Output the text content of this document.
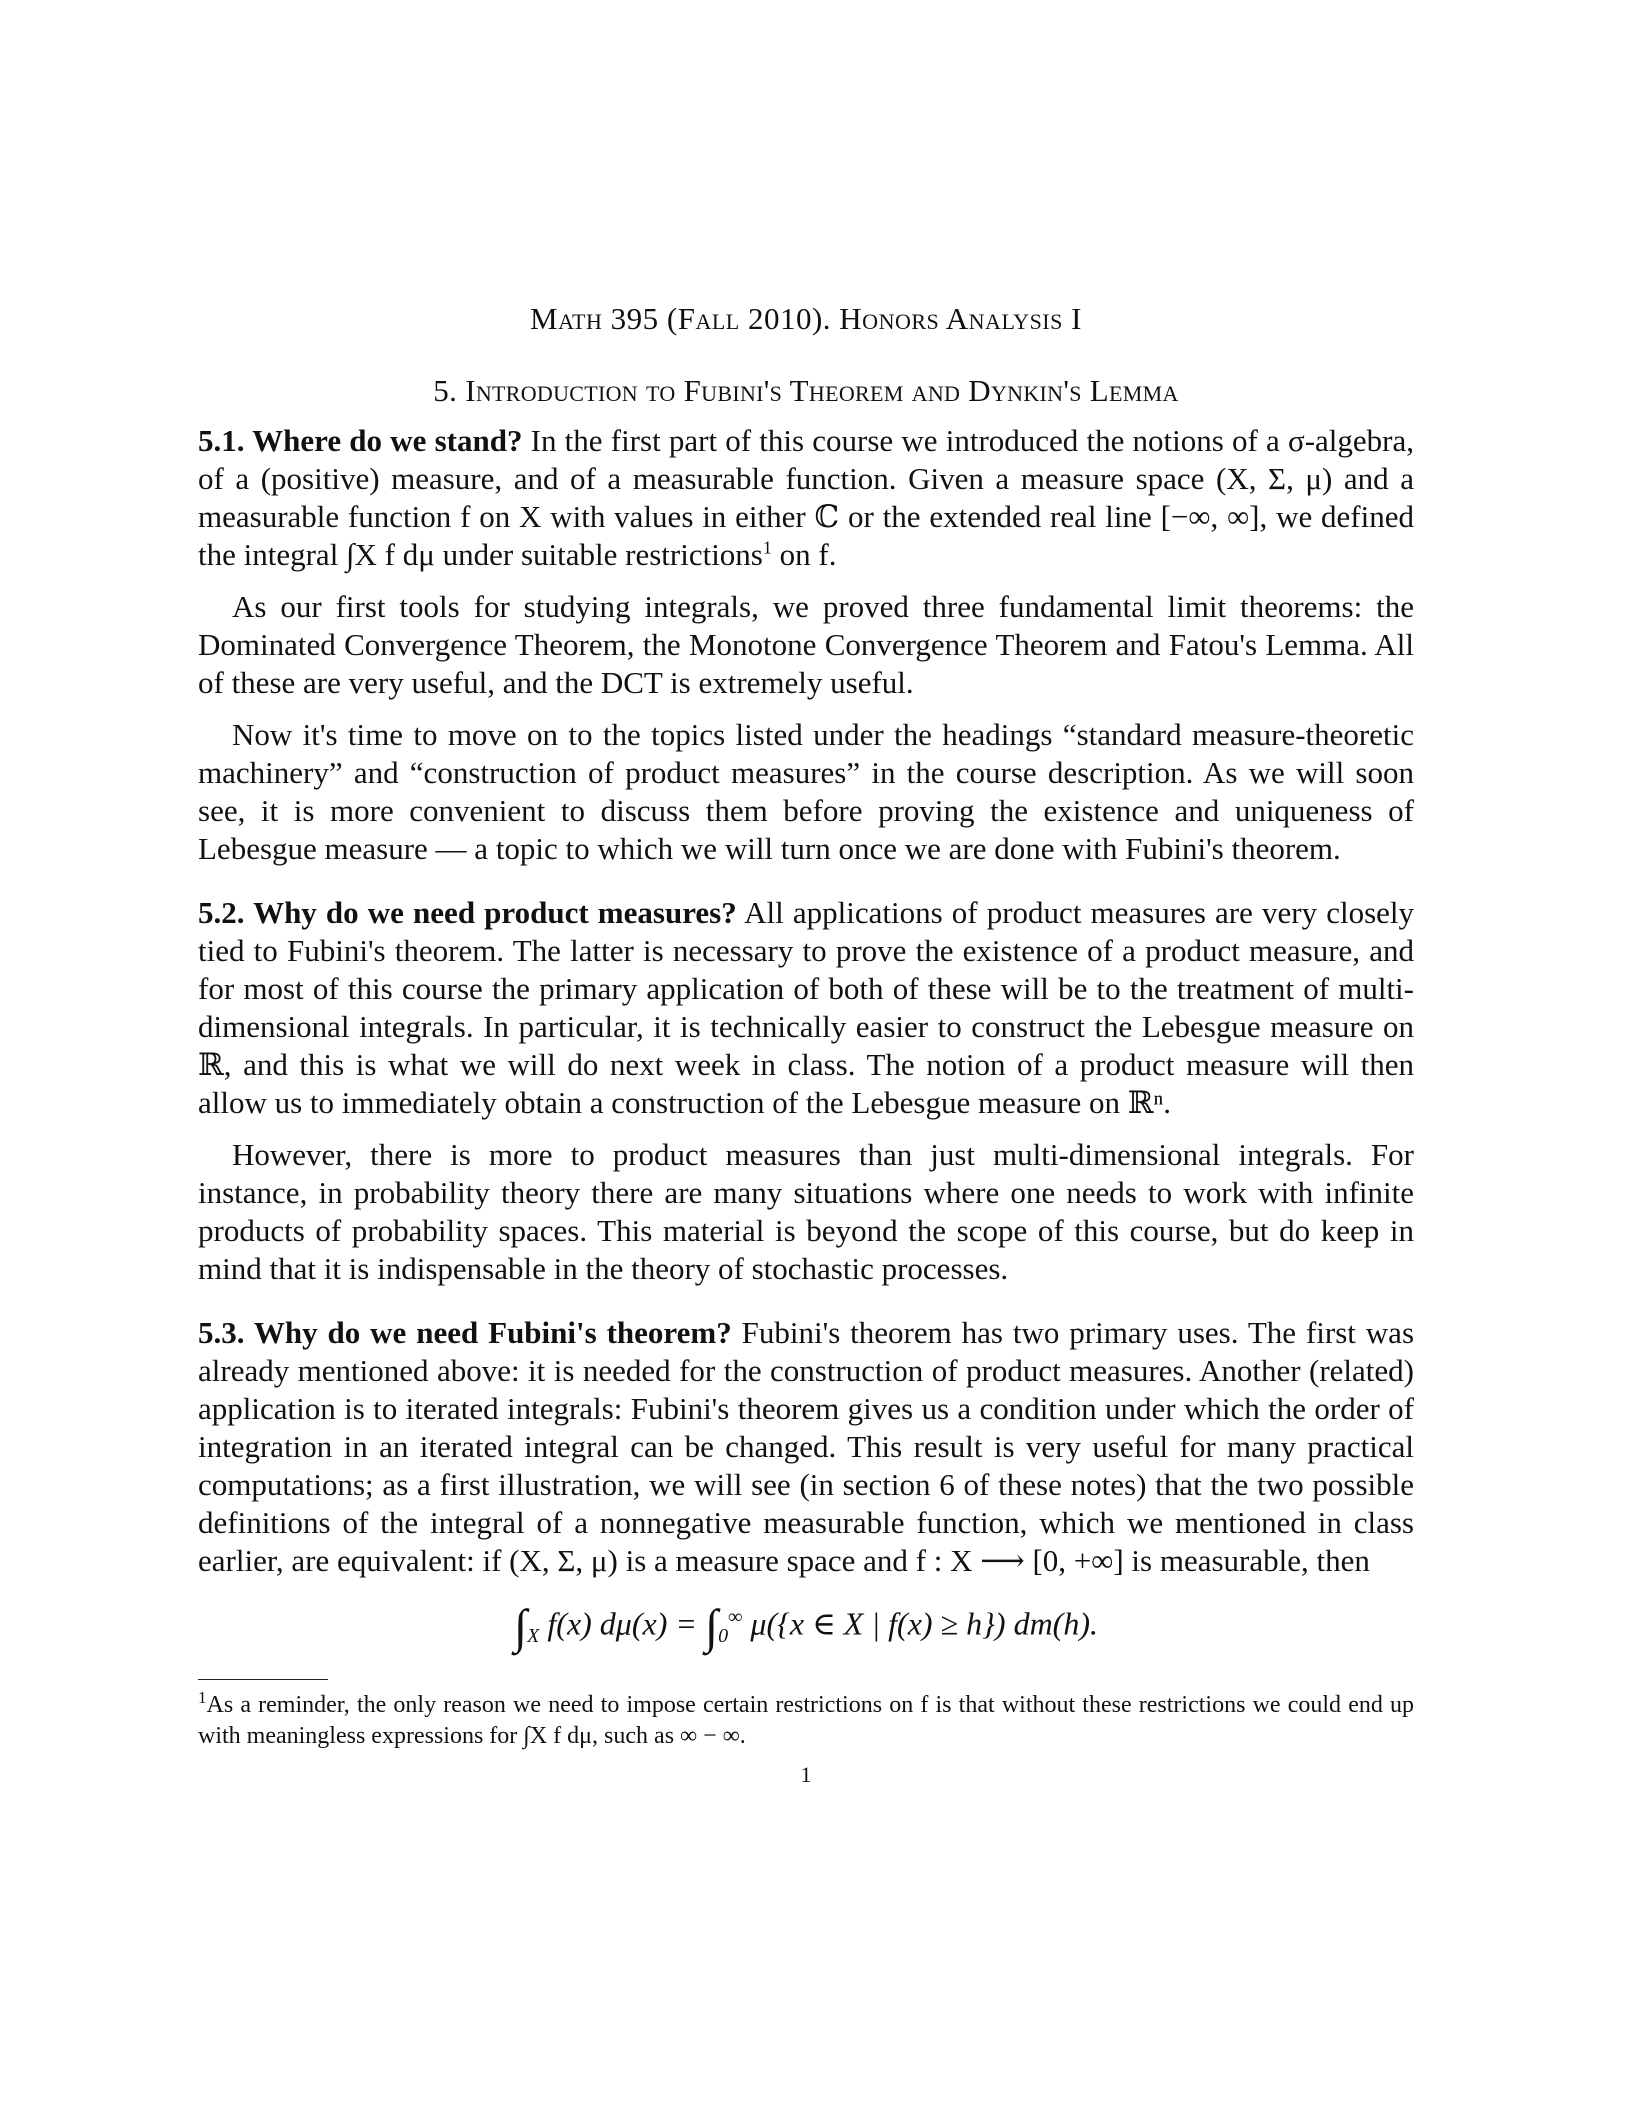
Math 395 (Fall 2010). Honors Analysis I
5. Introduction to Fubini's Theorem and Dynkin's Lemma

5.1. Where do we stand? In the first part of this course we introduced the notions of a σ-algebra, of a (positive) measure, and of a measurable function. Given a measure space (X, Σ, μ) and a measurable function f on X with values in either ℂ or the extended real line [−∞, ∞], we defined the integral ∫X f dμ under suitable restrictions$^1$ on f.

As our first tools for studying integrals, we proved three fundamental limit theorems: the Dominated Convergence Theorem, the Monotone Convergence Theorem and Fatou's Lemma. All of these are very useful, and the DCT is extremely useful.

Now it's time to move on to the topics listed under the headings “standard measure-theoretic machinery” and “construction of product measures” in the course description. As we will soon see, it is more convenient to discuss them before proving the existence and uniqueness of Lebesgue measure — a topic to which we will turn once we are done with Fubini's theorem.

5.2. Why do we need product measures? All applications of product measures are very closely tied to Fubini's theorem. The latter is necessary to prove the existence of a product measure, and for most of this course the primary application of both of these will be to the treatment of multi-dimensional integrals. In particular, it is technically easier to construct the Lebesgue measure on ℝ, and this is what we will do next week in class. The notion of a product measure will then allow us to immediately obtain a construction of the Lebesgue measure on ℝⁿ.

However, there is more to product measures than just multi-dimensional integrals. For instance, in probability theory there are many situations where one needs to work with infinite products of probability spaces. This material is beyond the scope of this course, but do keep in mind that it is indispensable in the theory of stochastic processes.

5.3. Why do we need Fubini's theorem? Fubini's theorem has two primary uses. The first was already mentioned above: it is needed for the construction of product measures. Another (related) application is to iterated integrals: Fubini's theorem gives us a condition under which the order of integration in an iterated integral can be changed. This result is very useful for many practical computations; as a first illustration, we will see (in section 6 of these notes) that the two possible definitions of the integral of a nonnegative measurable function, which we mentioned in class earlier, are equivalent: if (X, Σ, μ) is a measure space and f : X ⟶ [0, +∞] is measurable, then

$\int_X$ f(x) $d\mu(x) = \int_0^\infty$ μ({x ∈ X | f(x) ≥ h}) dm(h).

$^1$As a reminder, the only reason we need to impose certain restrictions on f is that without these restrictions we could end up with meaningless expressions for ∫X f dμ, such as ∞ − ∞.

1
